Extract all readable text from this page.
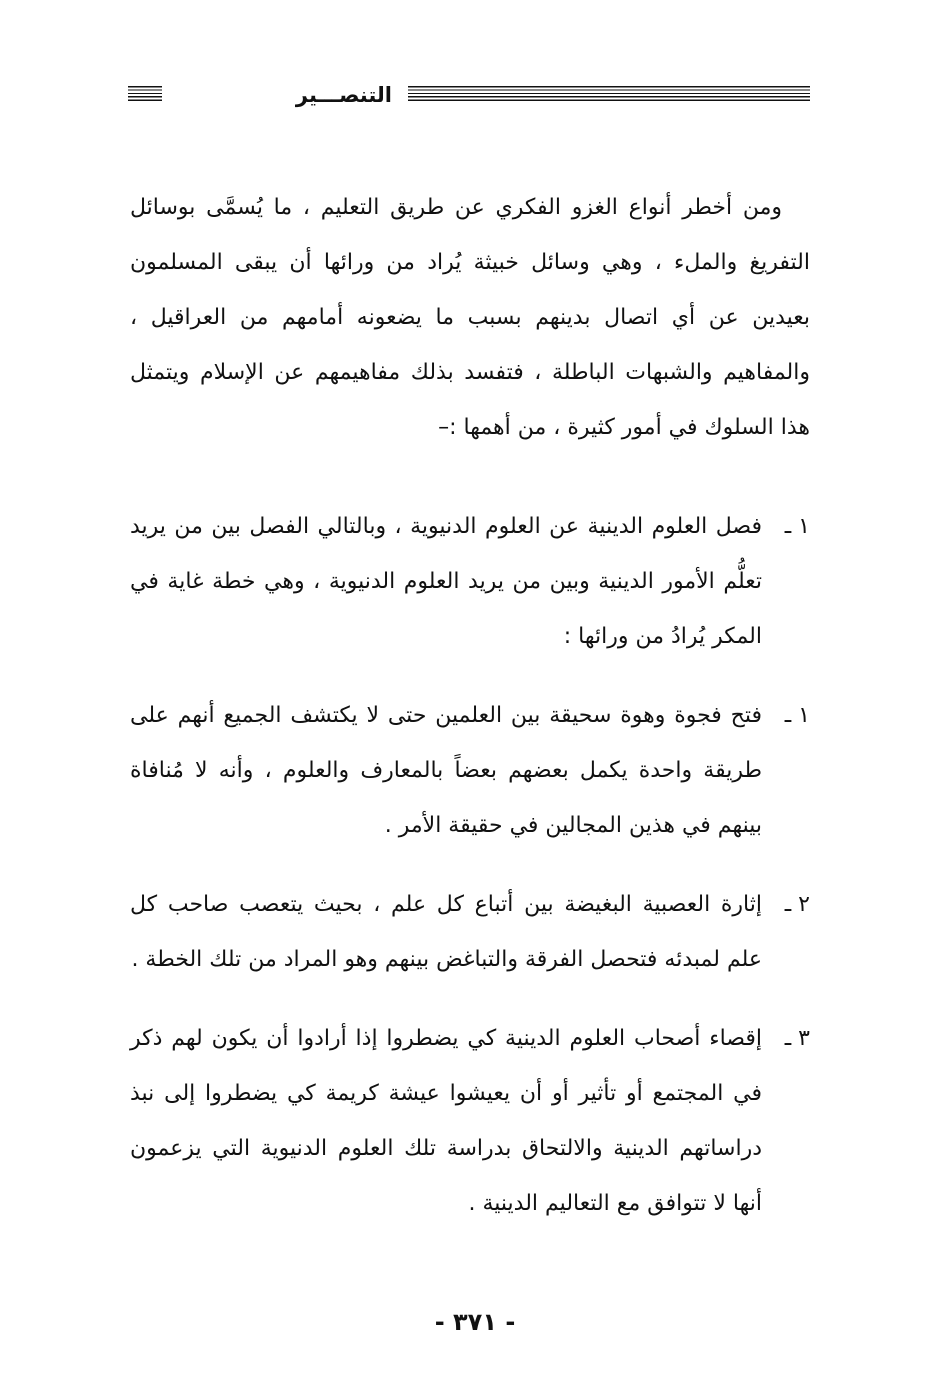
التنصـــير

ومن أخطر أنواع الغزو الفكري عن طريق التعليم ، ما يُسمَّى بوسائل التفريغ والملء ، وهي وسائل خبيثة يُراد من ورائها أن يبقى المسلمون بعيدين عن أي اتصال بدينهم بسبب ما يضعونه أمامهم من العراقيل ، والمفاهيم والشبهات الباطلة ، فتفسد بذلك مفاهيمهم عن الإسلام ويتمثل هذا السلوك في أمور كثيرة ، من أهمها :–

١ ـ
فصل العلوم الدينية عن العلوم الدنيوية ، وبالتالي الفصل بين من يريد تعلُّم الأمور الدينية وبين من يريد العلوم الدنيوية ، وهي خطة غاية في المكر يُرادُ من ورائها :
١ ـ
فتح فجوة وهوة سحيقة بين العلمين حتى لا يكتشف الجميع أنهم على طريقة واحدة يكمل بعضهم بعضاً بالمعارف والعلوم ، وأنه لا مُنافاة بينهم في هذين المجالين في حقيقة الأمر .
٢ ـ
إثارة العصبية البغيضة بين أتباع كل علم ، بحيث يتعصب صاحب كل علم لمبدئه فتحصل الفرقة والتباغض بينهم وهو المراد من تلك الخطة .
٣ ـ
إقصاء أصحاب العلوم الدينية كي يضطروا إذا أرادوا أن يكون لهم ذكر في المجتمع أو تأثير أو أن يعيشوا عيشة كريمة كي يضطروا إلى نبذ دراساتهم الدينية والالتحاق بدراسة تلك العلوم الدنيوية التي يزعمون أنها لا تتوافق مع التعاليم الدينية .
- ٣٧١ -
